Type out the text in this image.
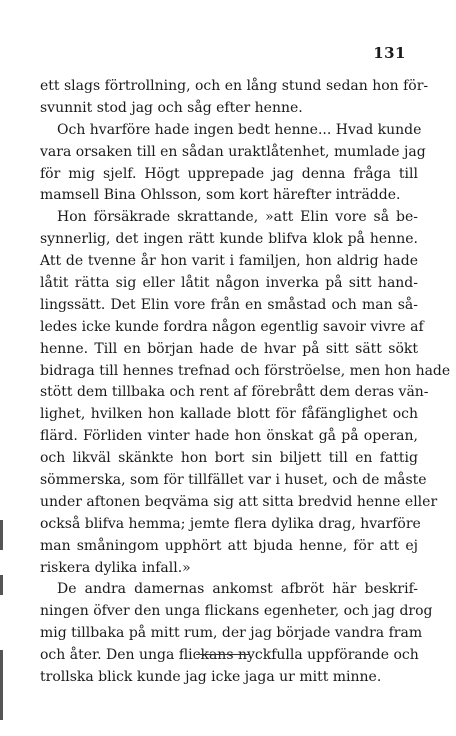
131
ett slags förtrollning, och en lång stund sedan hon för-
svunnit stod jag och såg efter henne.
Och hvarföre hade ingen bedt henne... Hvad kunde
vara orsaken till en sådan uraktlåtenhet, mumlade jag
för mig sjelf. Högt upprepade jag denna fråga till
mamsell Bina Ohlsson, som kort härefter inträdde.
Hon försäkrade skrattande, »att Elin vore så be-
synnerlig, det ingen rätt kunde blifva klok på henne.
Att de tvenne år hon varit i familjen, hon aldrig hade
låtit rätta sig eller låtit någon inverka på sitt hand-
lingssätt. Det Elin vore från en småstad och man så-
ledes icke kunde fordra någon egentlig savoir vivre af
henne. Till en början hade de hvar på sitt sätt sökt
bidraga till hennes trefnad och förströelse, men hon hade
stött dem tillbaka och rent af förebrått dem deras vän-
lighet, hvilken hon kallade blott för fåfänglighet och
flärd. Förliden vinter hade hon önskat gå på operan,
och likväl skänkte hon bort sin biljett till en fattig
sömmerska, som för tillfället var i huset, och de måste
under aftonen beqväma sig att sitta bredvid henne eller
också blifva hemma; jemte flera dylika drag, hvarföre
man småningom upphört att bjuda henne, för att ej
riskera dylika infall.»
De andra damernas ankomst afbröt här beskrif-
ningen öfver den unga flickans egenheter, och jag drog
mig tillbaka på mitt rum, der jag började vandra fram
och åter. Den unga flickans nyckfulla uppförande och
trollska blick kunde jag icke jaga ur mitt minne.
